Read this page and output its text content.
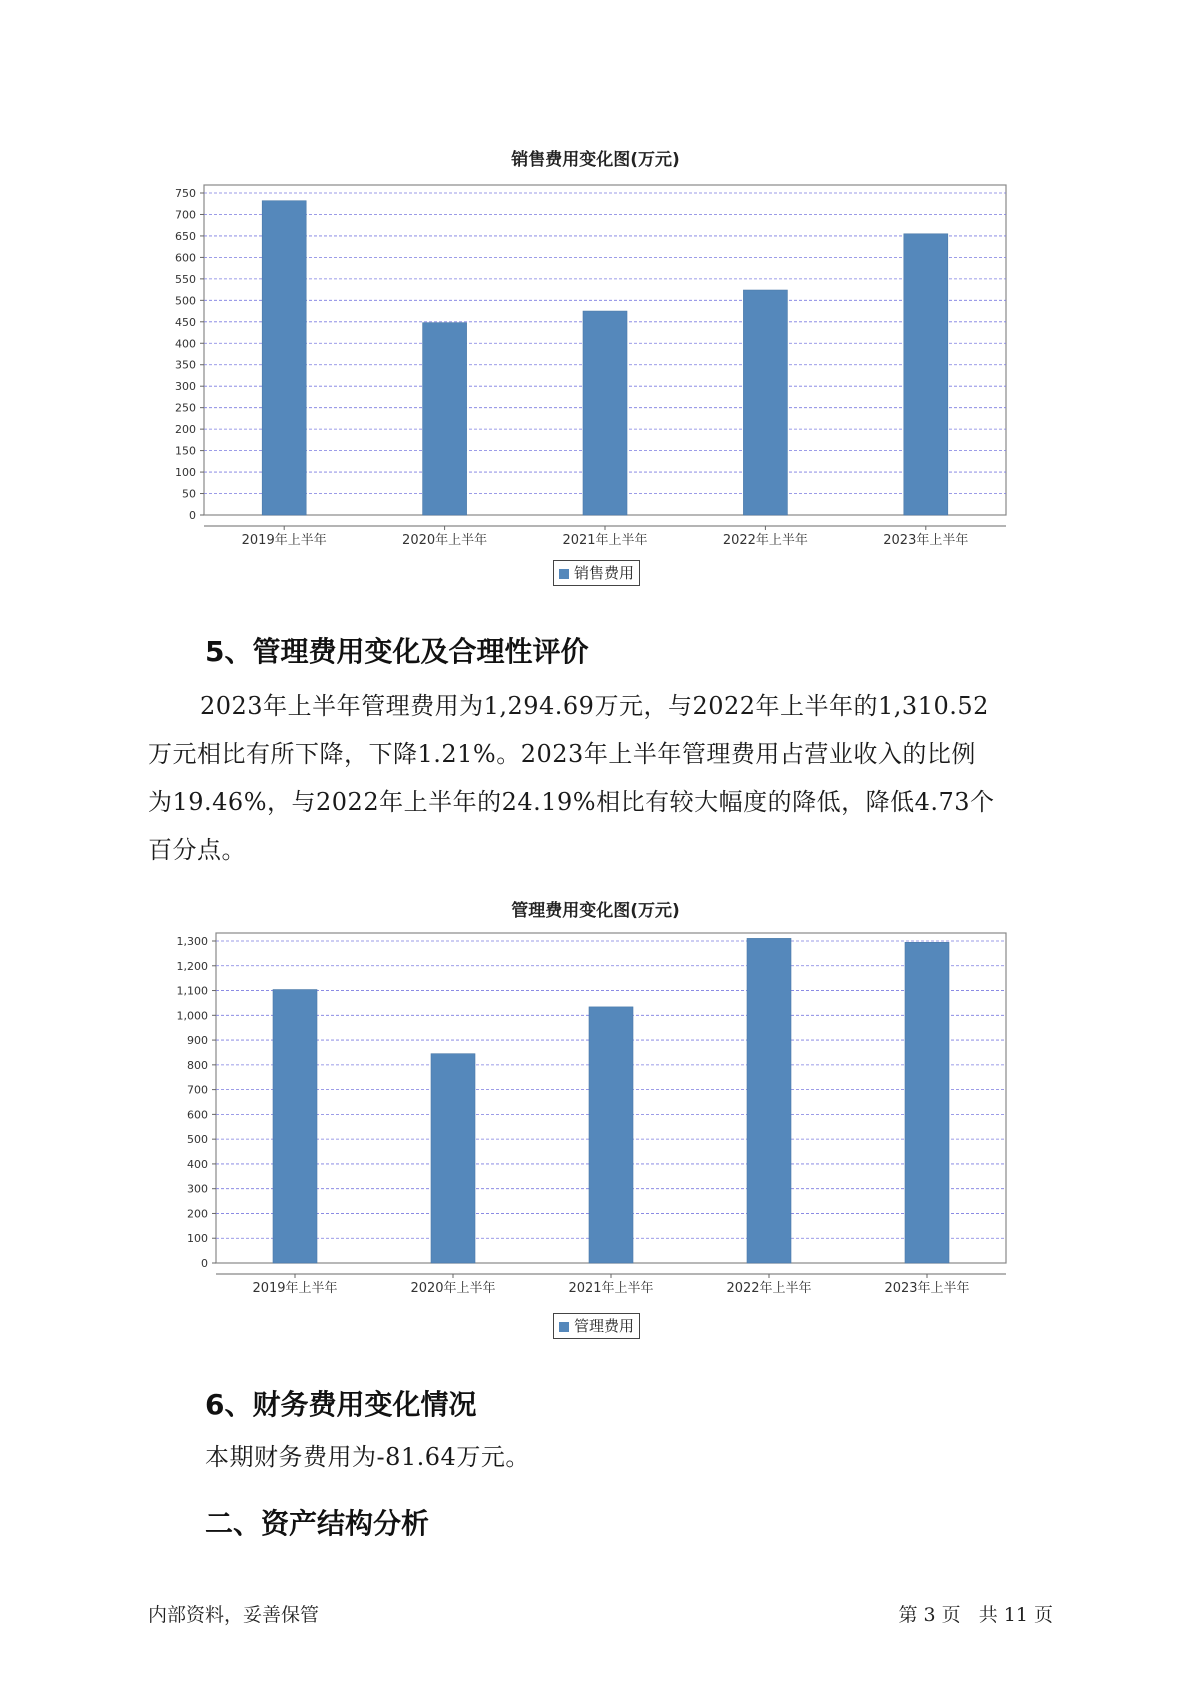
销售费用变化图(万元)
0
50
100
150
200
250
300
350
400
450
500
550
600
650
700
750
2019年上半年	2020年上半年	2021年上半年	2022年上半年	2023年上半年
销售费用
5、管理费用变化及合理性评价
2023年上半年管理费用为1,294.69万元，与2022年上半年的1,310.52
万元相比有所下降，下降1.21%。2023年上半年管理费用占营业收入的比例
为19.46%，与2022年上半年的24.19%相比有较大幅度的降低，降低4.73个
百分点。
管理费用变化图(万元)
0
100
200
300
400
500
600
700
800
900
1,000
1,100
1,200
1,300
2019年上半年	2020年上半年	2021年上半年	2022年上半年	2023年上半年
管理费用
6、财务费用变化情况
本期财务费用为-81.64万元。
二、资产结构分析
内部资料，妥善保管	第 3 页   共 11 页
